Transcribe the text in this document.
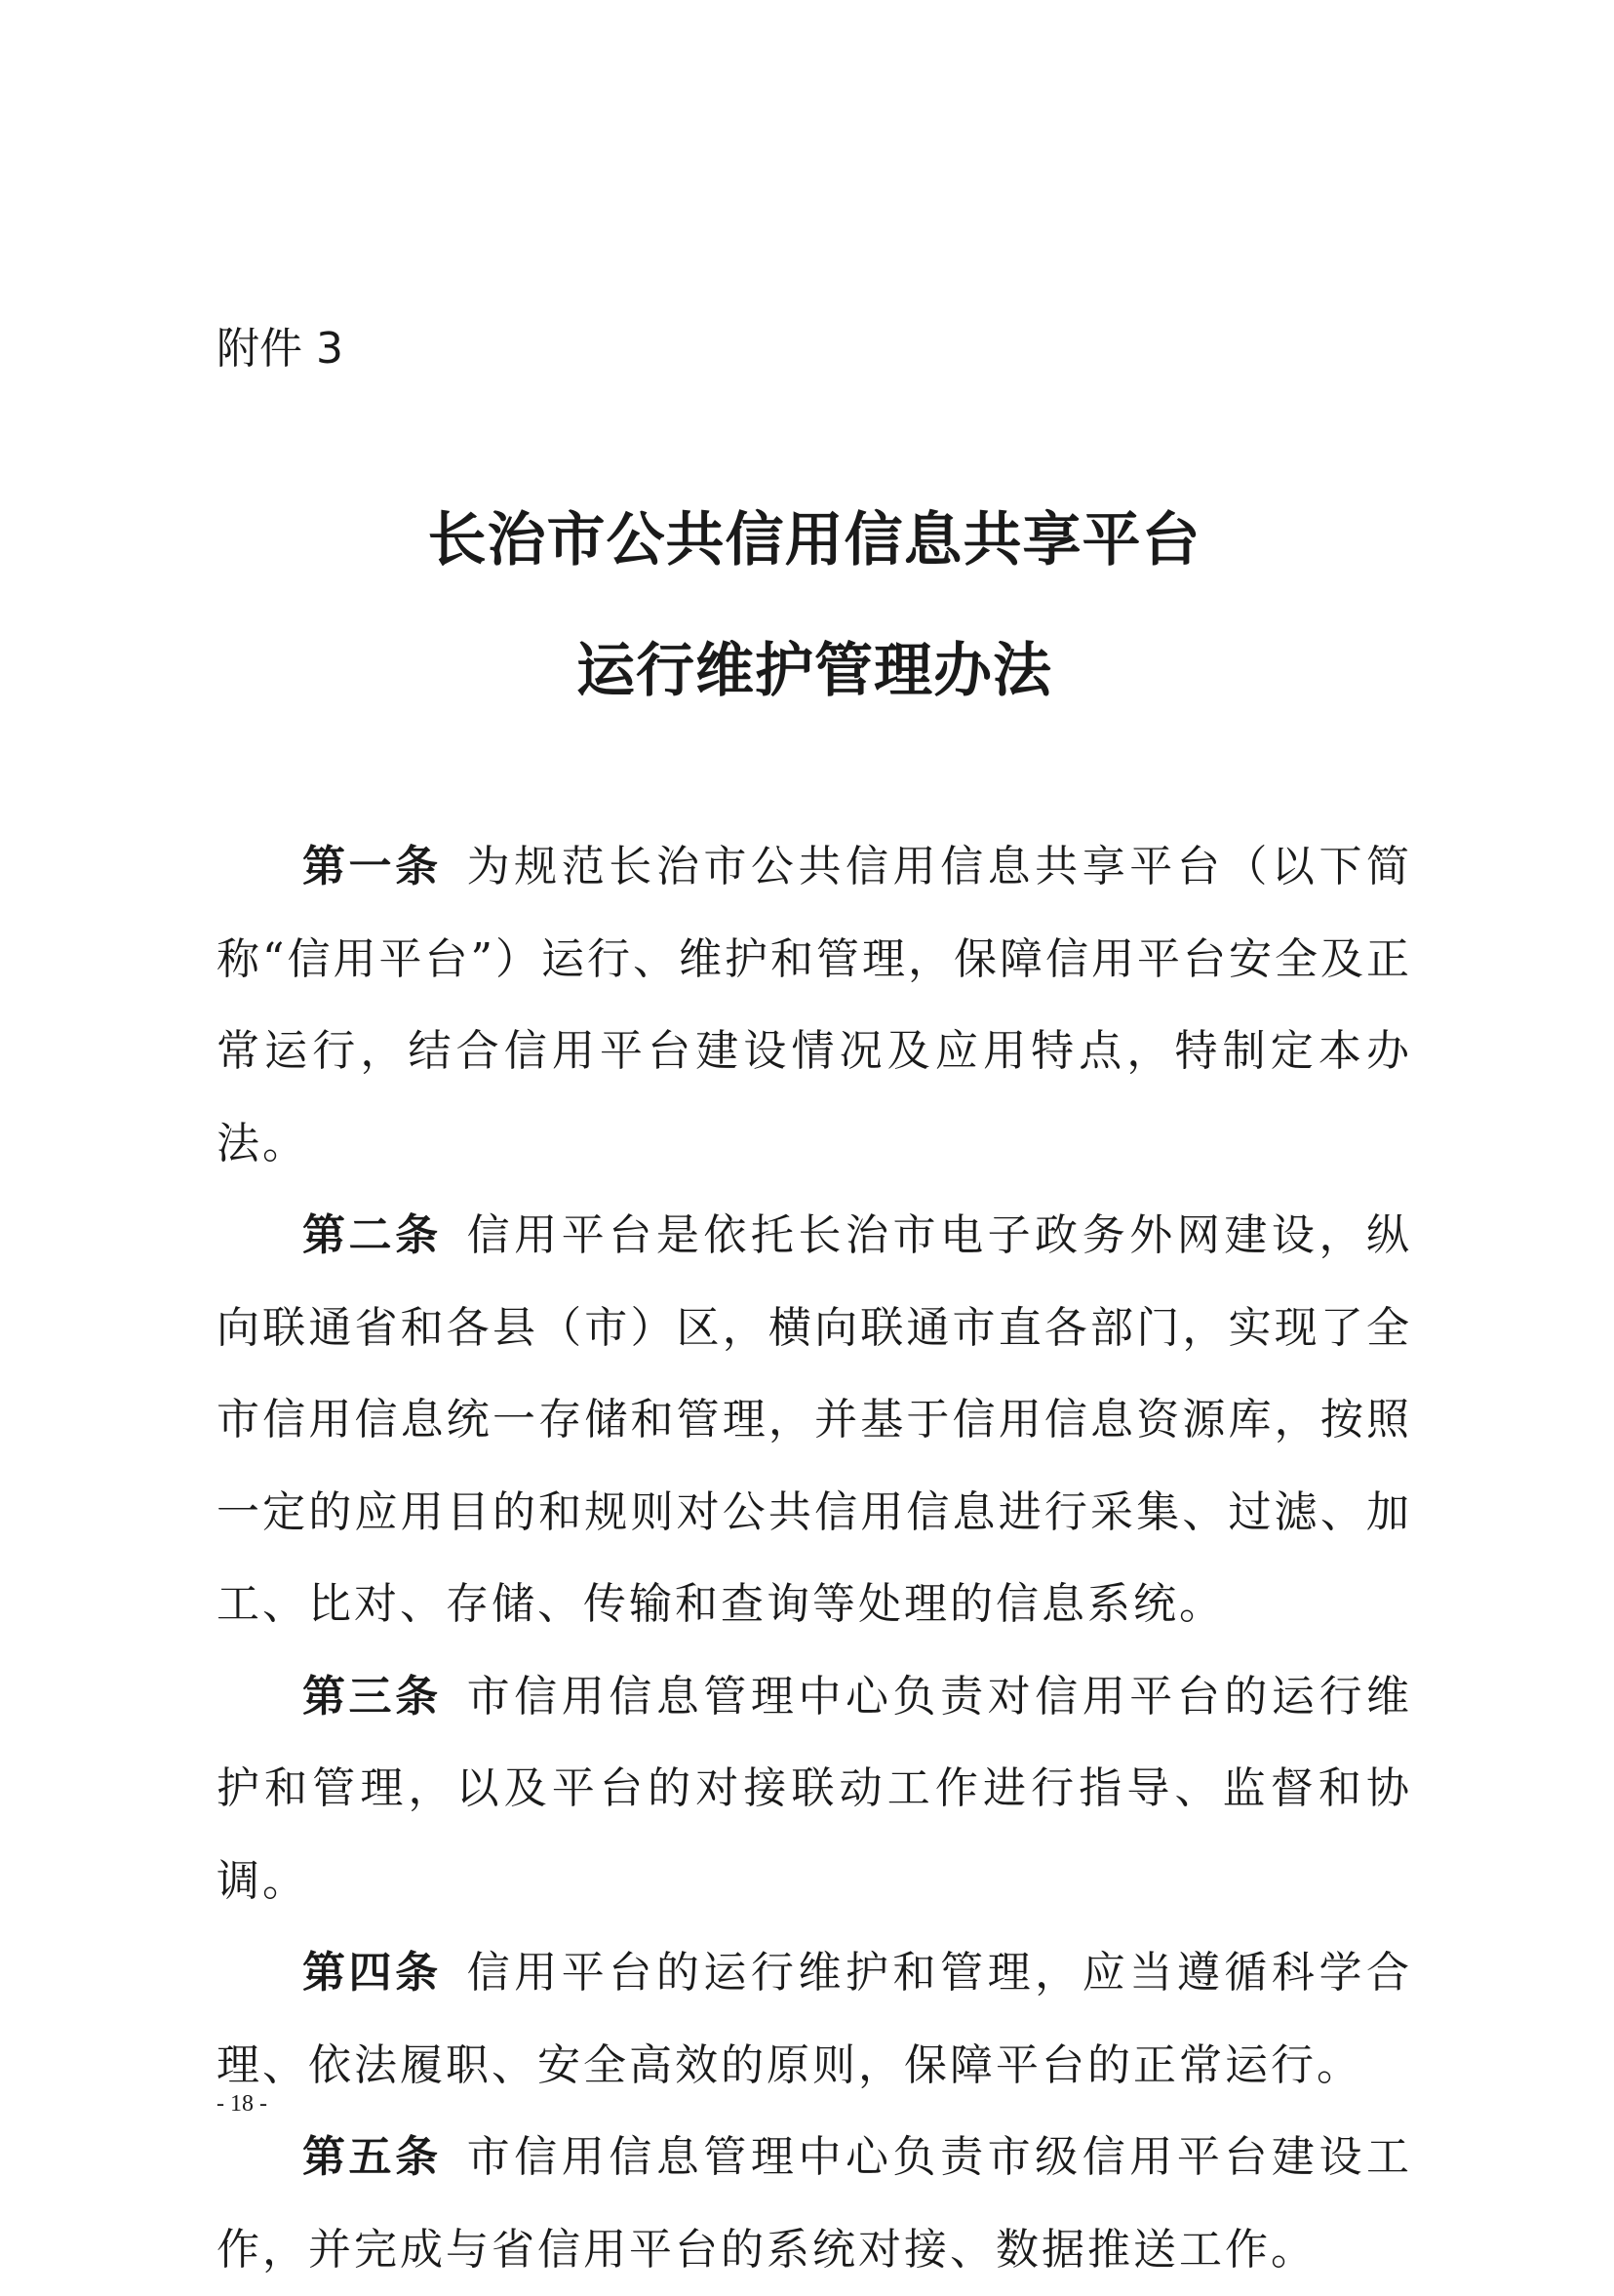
附件 3

长治市公共信用信息共享平台
运行维护管理办法

第一条 为规范长治市公共信用信息共享平台（以下简称“信用平台”）运行、维护和管理，保障信用平台安全及正常运行，结合信用平台建设情况及应用特点，特制定本办法。

第二条 信用平台是依托长治市电子政务外网建设，纵向联通省和各县（市）区，横向联通市直各部门，实现了全市信用信息统一存储和管理，并基于信用信息资源库，按照一定的应用目的和规则对公共信用信息进行采集、过滤、加工、比对、存储、传输和查询等处理的信息系统。

第三条 市信用信息管理中心负责对信用平台的运行维护和管理，以及平台的对接联动工作进行指导、监督和协调。

第四条 信用平台的运行维护和管理，应当遵循科学合理、依法履职、安全高效的原则，保障平台的正常运行。

第五条 市信用信息管理中心负责市级信用平台建设工作，并完成与省信用平台的系统对接、数据推送工作。

- 18 -
